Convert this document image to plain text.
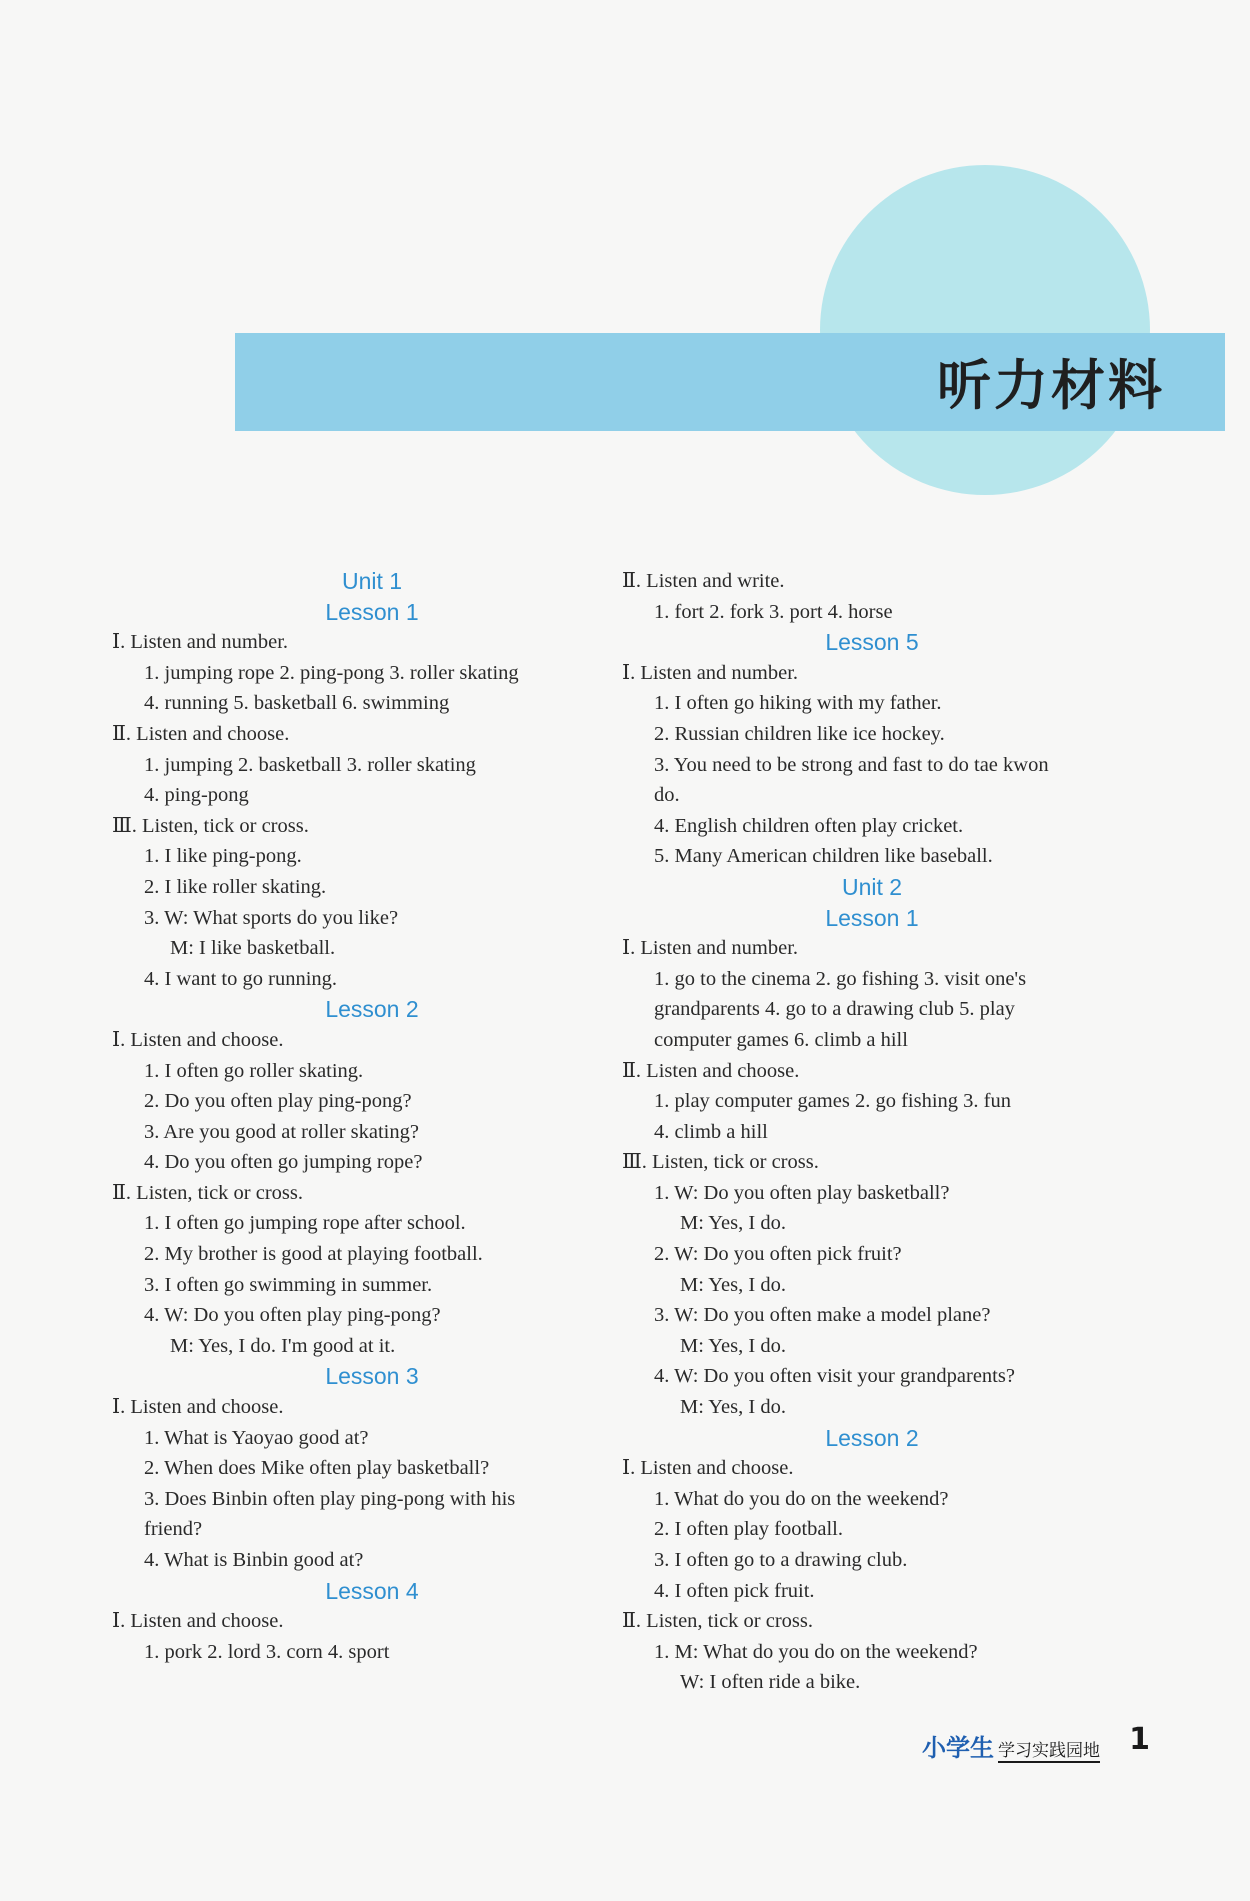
听力材料
Unit 1
Lesson 1
Ⅰ. Listen and number.
1. jumping rope 2. ping-pong 3. roller skating
4. running 5. basketball 6. swimming
Ⅱ. Listen and choose.
1. jumping 2. basketball 3. roller skating
4. ping-pong
Ⅲ. Listen, tick or cross.
1. I like ping-pong.
2. I like roller skating.
3. W: What sports do you like?
M: I like basketball.
4. I want to go running.
Lesson 2
Ⅰ. Listen and choose.
1. I often go roller skating.
2. Do you often play ping-pong?
3. Are you good at roller skating?
4. Do you often go jumping rope?
Ⅱ. Listen, tick or cross.
1. I often go jumping rope after school.
2. My brother is good at playing football.
3. I often go swimming in summer.
4. W: Do you often play ping-pong?
M: Yes, I do. I'm good at it.
Lesson 3
Ⅰ. Listen and choose.
1. What is Yaoyao good at?
2. When does Mike often play basketball?
3. Does Binbin often play ping-pong with his
friend?
4. What is Binbin good at?
Lesson 4
Ⅰ. Listen and choose.
1. pork 2. lord 3. corn 4. sport
Ⅱ. Listen and write.
1. fort 2. fork 3. port 4. horse
Lesson 5
Ⅰ. Listen and number.
1. I often go hiking with my father.
2. Russian children like ice hockey.
3. You need to be strong and fast to do tae kwon
do.
4. English children often play cricket.
5. Many American children like baseball.
Unit 2
Lesson 1
Ⅰ. Listen and number.
1. go to the cinema 2. go fishing 3. visit one's
grandparents 4. go to a drawing club 5. play
computer games 6. climb a hill
Ⅱ. Listen and choose.
1. play computer games 2. go fishing 3. fun
4. climb a hill
Ⅲ. Listen, tick or cross.
1. W: Do you often play basketball?
M: Yes, I do.
2. W: Do you often pick fruit?
M: Yes, I do.
3. W: Do you often make a model plane?
M: Yes, I do.
4. W: Do you often visit your grandparents?
M: Yes, I do.
Lesson 2
Ⅰ. Listen and choose.
1. What do you do on the weekend?
2. I often play football.
3. I often go to a drawing club.
4. I often pick fruit.
Ⅱ. Listen, tick or cross.
1. M: What do you do on the weekend?
W: I often ride a bike.
小学生 学习实践园地 1
